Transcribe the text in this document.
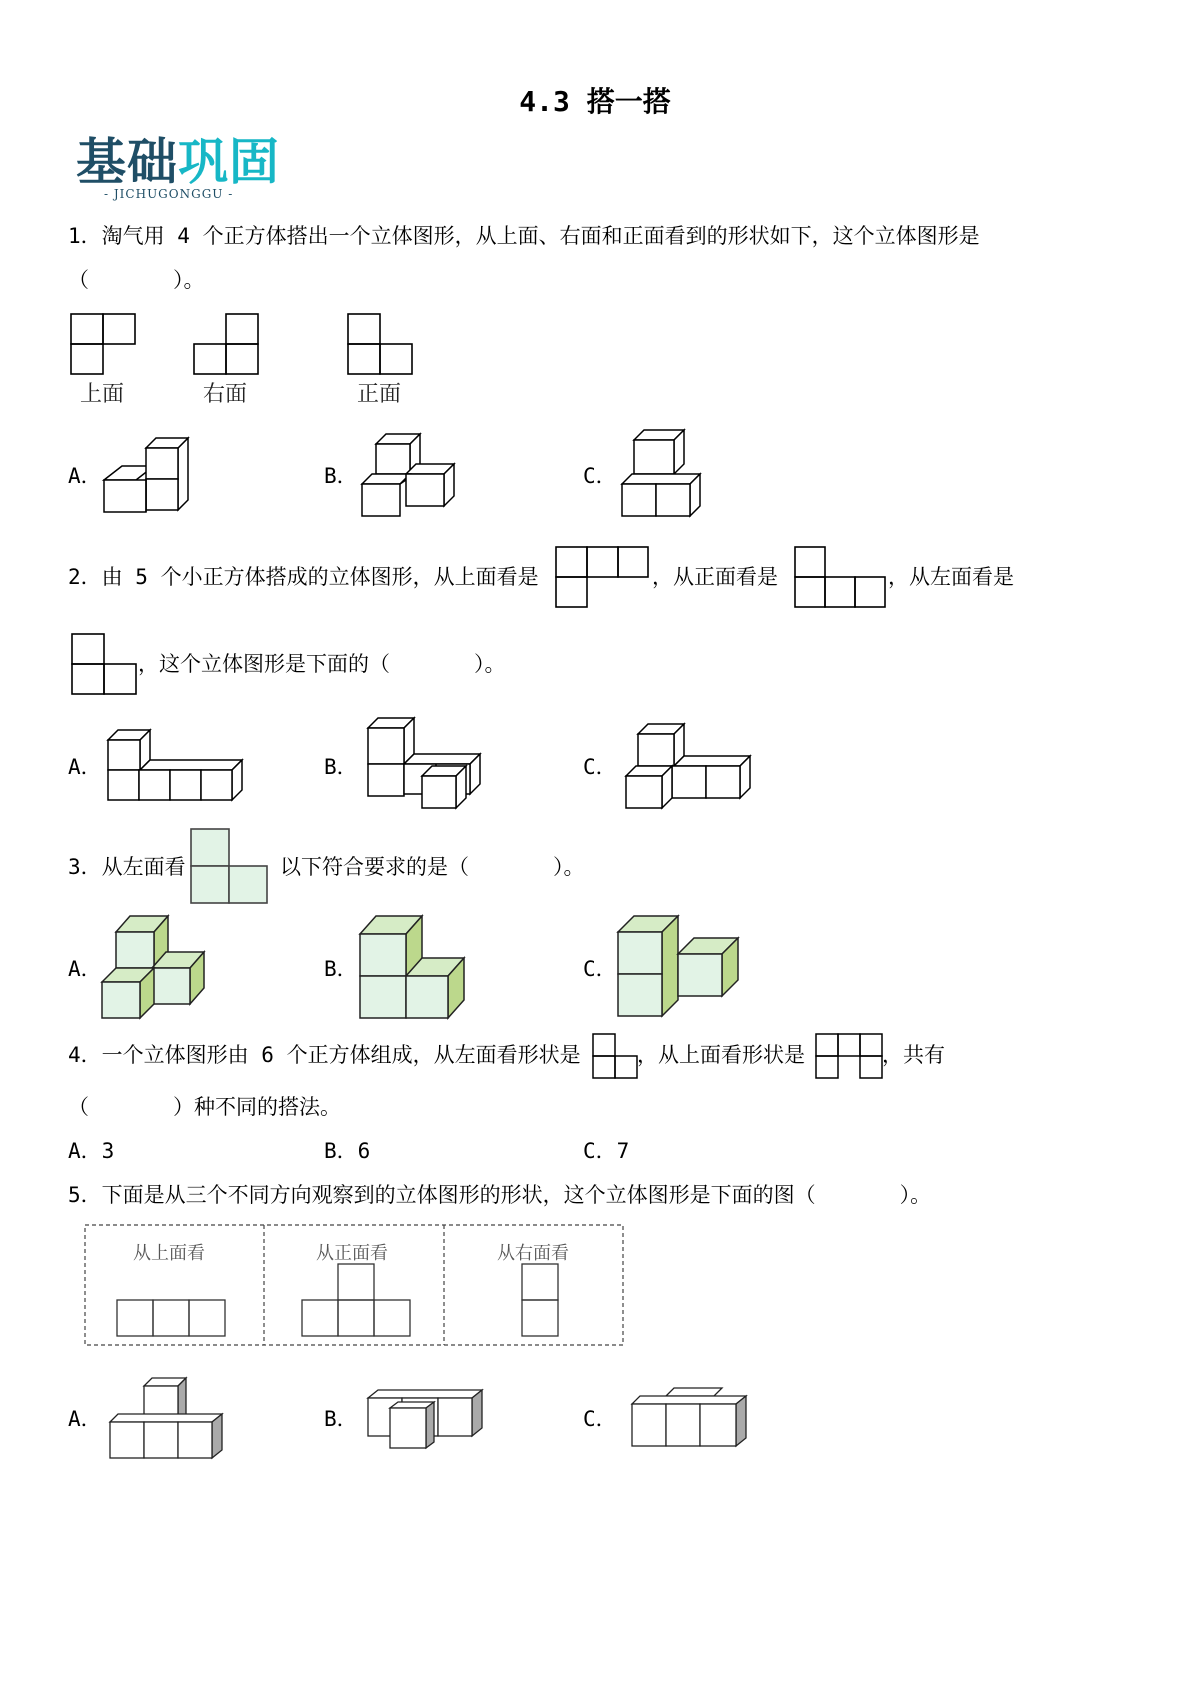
4.3 搭一搭
基础巩固
- JICHUGONGGU -
1．淘气用 4 个正方体搭出一个立体图形，从上面、右面和正面看到的形状如下，这个立体图形是
（　　　　）。
上面	右面	正面
A．	B．	C．
2．由 5 个小正方体搭成的立体图形，从上面看是	，从正面看是	，从左面看是
，这个立体图形是下面的（　　　　）。
A．	B．	C．
3．从左面看	以下符合要求的是（　　　　）。
A．	B．	C．
4．一个立体图形由 6 个正方体组成，从左面看形状是	，从上面看形状是	，共有
（　　　　）种不同的搭法。
A．3	B．6	C．7
5．下面是从三个不同方向观察到的立体图形的形状，这个立体图形是下面的图（　　　　）。
从上面看	从正面看	从右面看
A．	B．	C．
